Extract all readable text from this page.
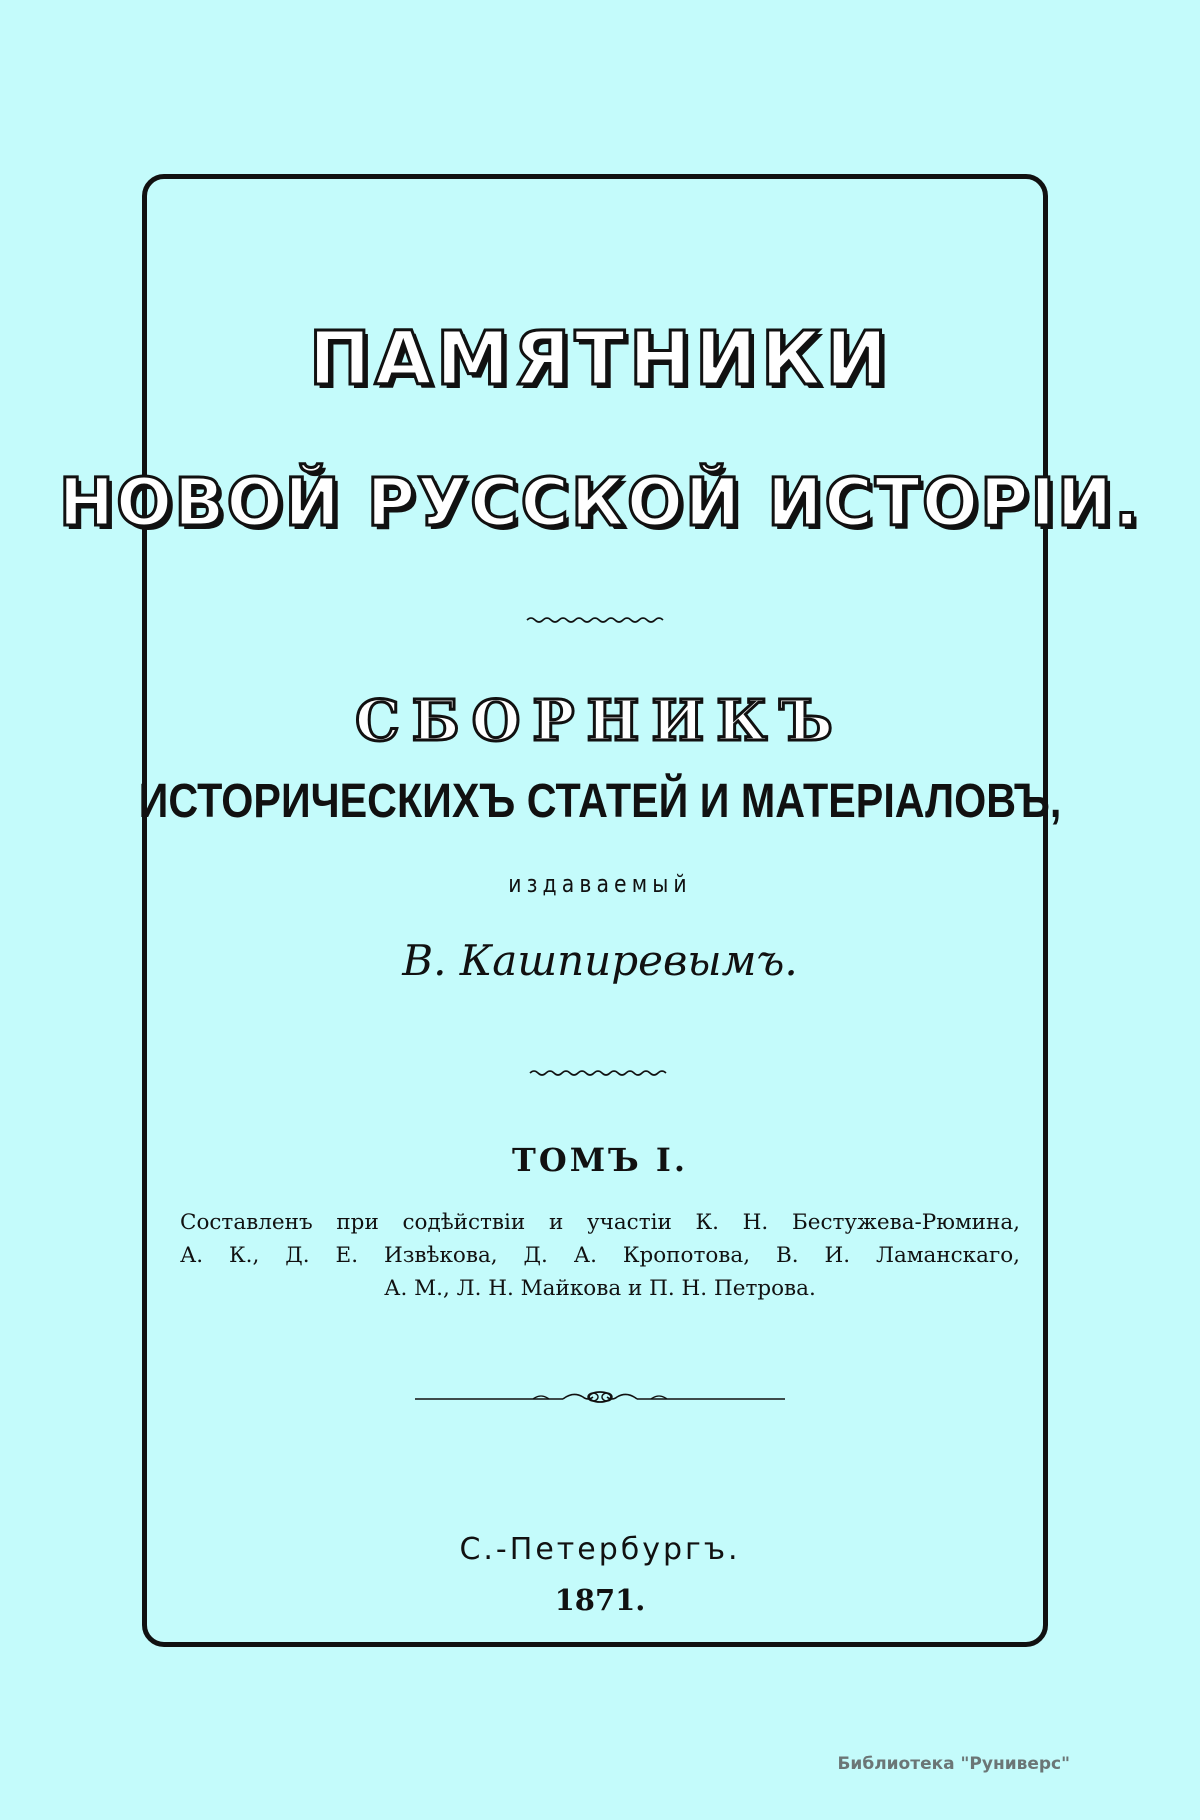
ПАМЯТНИКИ
НОВОЙ РУССКОЙ ИСТОРІИ.
СБОРНИКЪ
ИСТОРИЧЕСКИХЪ СТАТЕЙ И МАТЕРІАЛОВЪ,
издаваемый
В. Кашпиревымъ.
ТОМЪ I.
Составленъ при содѣйствіи и участіи К. Н. Бестужева-Рюмина,
А. К., Д. Е. Извѣкова, Д. А. Кропотова, В. И. Ламанскаго,
А. М., Л. Н. Майкова и П. Н. Петрова.
С.-Петербургъ.
1871.
Библиотека "Руниверс"
